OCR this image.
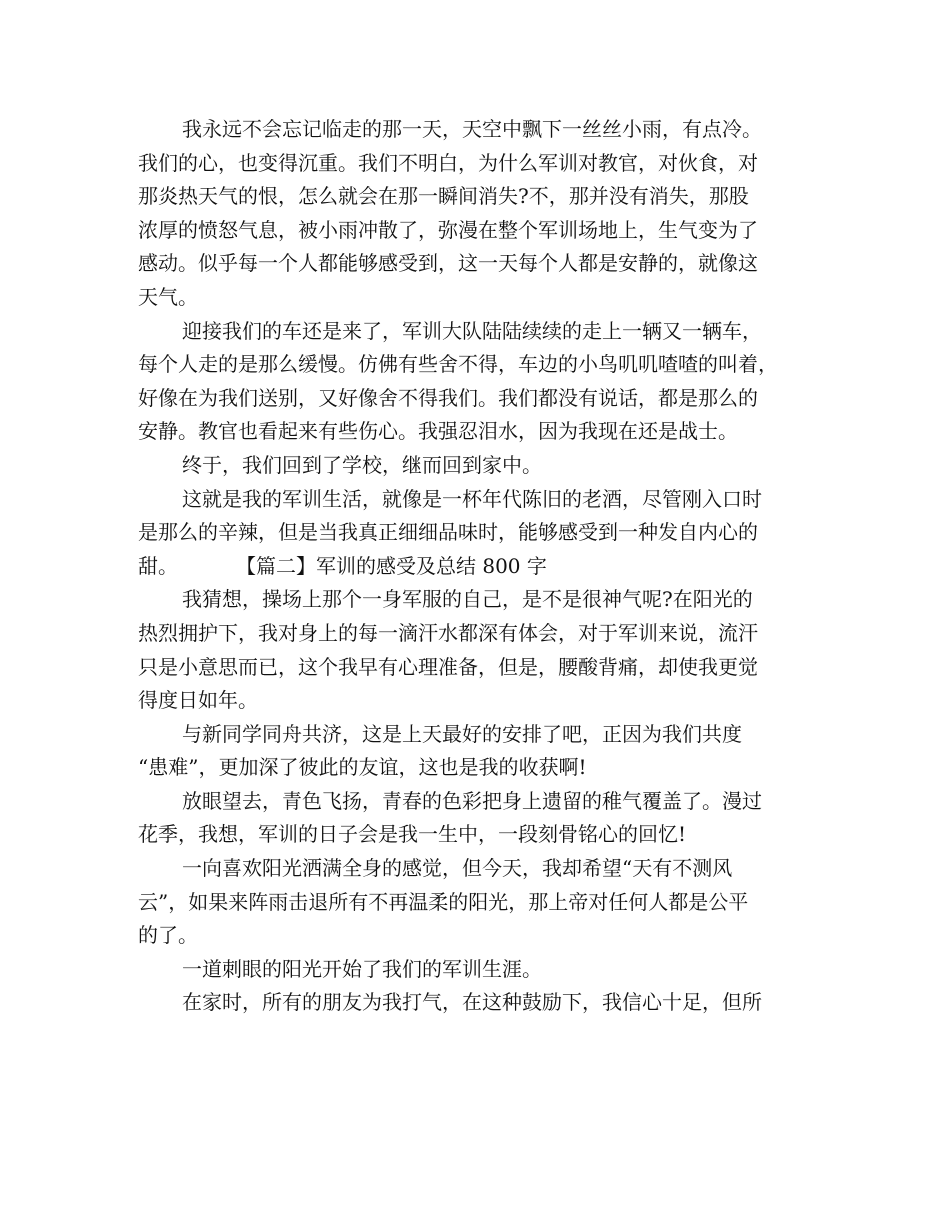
我永远不会忘记临走的那一天，天空中飘下一丝丝小雨，有点冷。
我们的心，也变得沉重。我们不明白，为什么军训对教官，对伙食，对
那炎热天气的恨，怎么就会在那一瞬间消失?不，那并没有消失，那股
浓厚的愤怒气息，被小雨冲散了，弥漫在整个军训场地上，生气变为了
感动。似乎每一个人都能够感受到，这一天每个人都是安静的，就像这
天气。
迎接我们的车还是来了，军训大队陆陆续续的走上一辆又一辆车，
每个人走的是那么缓慢。仿佛有些舍不得，车边的小鸟叽叽喳喳的叫着，
好像在为我们送别，又好像舍不得我们。我们都没有说话，都是那么的
安静。教官也看起来有些伤心。我强忍泪水，因为我现在还是战士。
终于，我们回到了学校，继而回到家中。
这就是我的军训生活，就像是一杯年代陈旧的老酒，尽管刚入口时
是那么的辛辣，但是当我真正细细品味时，能够感受到一种发自内心的
甜。	【篇二】军训的感受及总结 800 字
我猜想，操场上那个一身军服的自己，是不是很神气呢?在阳光的
热烈拥护下，我对身上的每一滴汗水都深有体会，对于军训来说，流汗
只是小意思而已，这个我早有心理准备，但是，腰酸背痛，却使我更觉
得度日如年。
与新同学同舟共济，这是上天最好的安排了吧，正因为我们共度
“患难”，更加深了彼此的友谊，这也是我的收获啊!
放眼望去，青色飞扬，青春的色彩把身上遗留的稚气覆盖了。漫过
花季，我想，军训的日子会是我一生中，一段刻骨铭心的回忆!
一向喜欢阳光洒满全身的感觉，但今天，我却希望“天有不测风
云”，如果来阵雨击退所有不再温柔的阳光，那上帝对任何人都是公平
的了。
一道刺眼的阳光开始了我们的军训生涯。
在家时，所有的朋友为我打气，在这种鼓励下，我信心十足，但所
